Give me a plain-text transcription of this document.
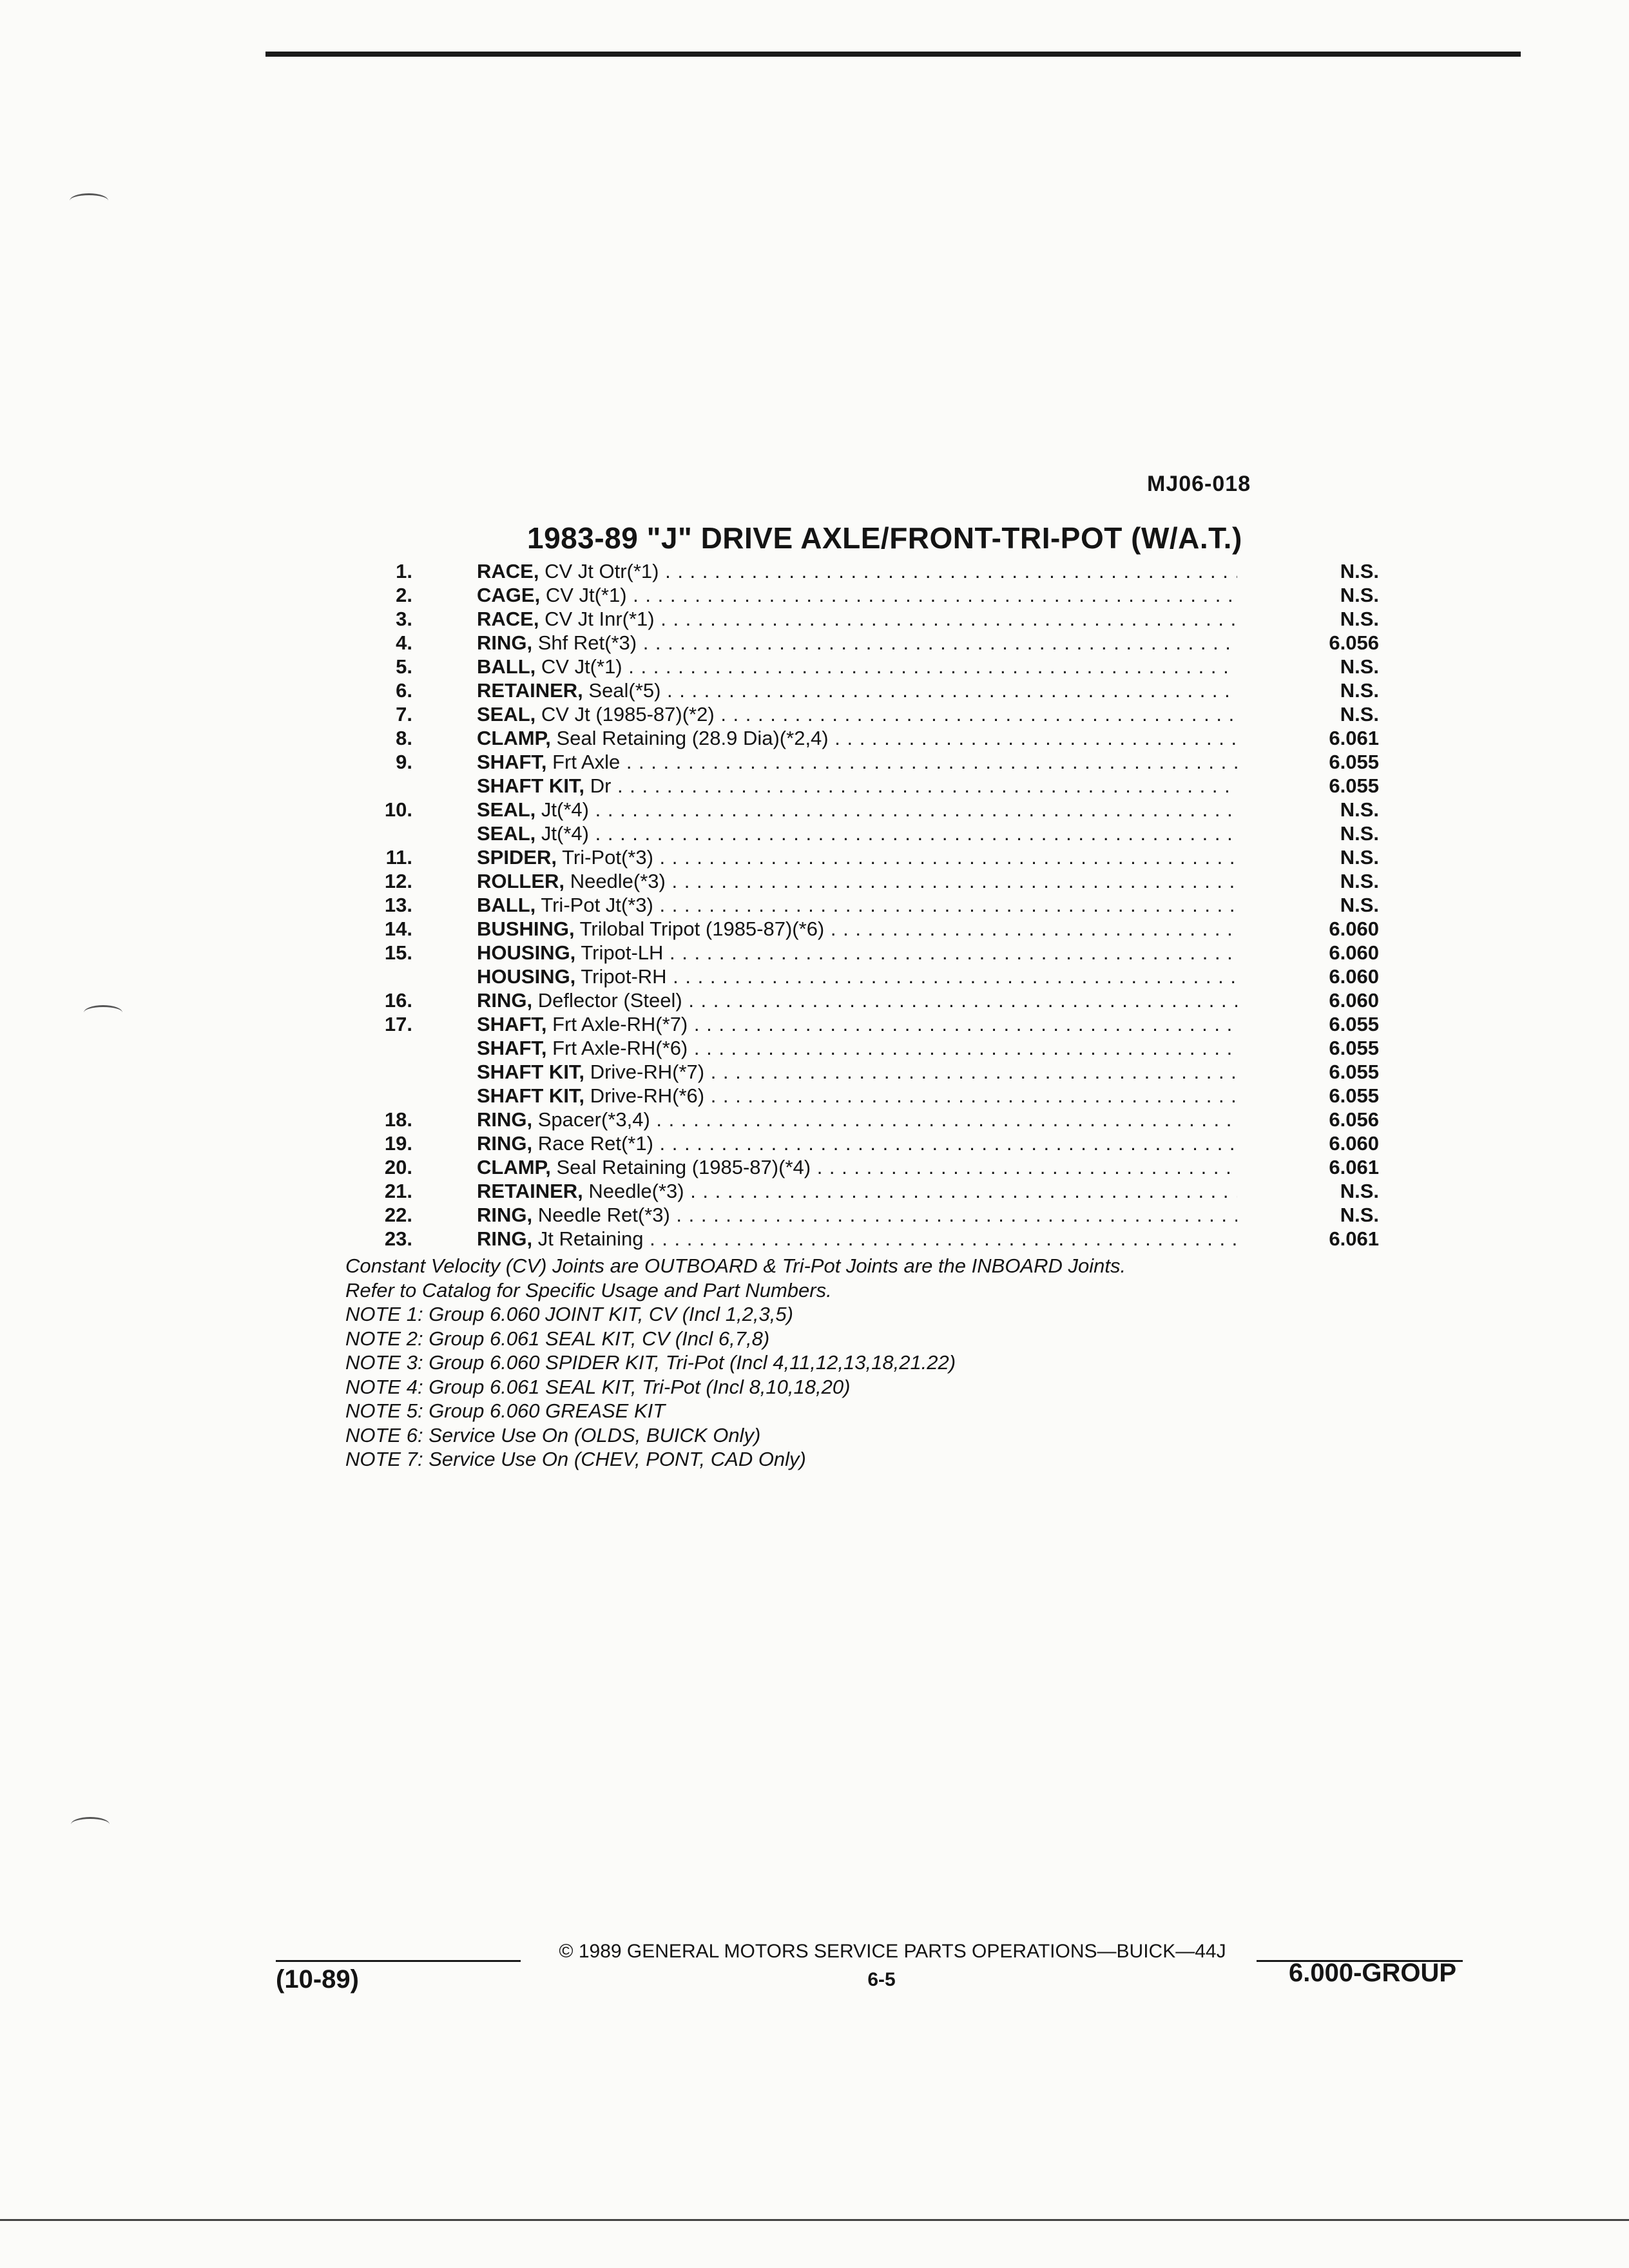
MJ06-018
1983-89 "J" DRIVE AXLE/FRONT-TRI-POT (W/A.T.)
1.	RACE, CV Jt Otr(*1) . . .	N.S.
2.	CAGE, CV Jt(*1) . . .	N.S.
3.	RACE, CV Jt Inr(*1) . . .	N.S.
4.	RING, Shf Ret(*3) . . .	6.056
5.	BALL, CV Jt(*1) . . .	N.S.
6.	RETAINER, Seal(*5) . . .	N.S.
7.	SEAL, CV Jt (1985-87)(*2) . . .	N.S.
8.	CLAMP, Seal Retaining (28.9 Dia)(*2,4) . . .	6.061
9.	SHAFT, Frt Axle . . .	6.055
SHAFT KIT, Dr . . .	6.055
10.	SEAL, Jt(*4) . . .	N.S.
SEAL, Jt(*4) . . .	N.S.
11.	SPIDER, Tri-Pot(*3) . . .	N.S.
12.	ROLLER, Needle(*3) . . .	N.S.
13.	BALL, Tri-Pot Jt(*3) . . .	N.S.
14.	BUSHING, Trilobal Tripot (1985-87)(*6) . . .	6.060
15.	HOUSING, Tripot-LH . . .	6.060
HOUSING, Tripot-RH . . .	6.060
16.	RING, Deflector (Steel) . . .	6.060
17.	SHAFT, Frt Axle-RH(*7) . . .	6.055
SHAFT, Frt Axle-RH(*6) . . .	6.055
SHAFT KIT, Drive-RH(*7) . . .	6.055
SHAFT KIT, Drive-RH(*6) . . .	6.055
18.	RING, Spacer(*3,4) . . .	6.056
19.	RING, Race Ret(*1) . . .	6.060
20.	CLAMP, Seal Retaining (1985-87)(*4) . . .	6.061
21.	RETAINER, Needle(*3) . . .	N.S.
22.	RING, Needle Ret(*3) . . .	N.S.
23.	RING, Jt Retaining . . .	6.061
Constant Velocity (CV) Joints are OUTBOARD & Tri-Pot Joints are the INBOARD Joints.
Refer to Catalog for Specific Usage and Part Numbers.
NOTE 1: Group 6.060 JOINT KIT, CV (Incl 1,2,3,5)
NOTE 2: Group 6.061 SEAL KIT, CV (Incl 6,7,8)
NOTE 3: Group 6.060 SPIDER KIT, Tri-Pot (Incl 4,11,12,13,18,21.22)
NOTE 4: Group 6.061 SEAL KIT, Tri-Pot (Incl 8,10,18,20)
NOTE 5: Group 6.060 GREASE KIT
NOTE 6: Service Use On (OLDS, BUICK Only)
NOTE 7: Service Use On (CHEV, PONT, CAD Only)
(10-89)
© 1989 GENERAL MOTORS SERVICE PARTS OPERATIONS—BUICK—44J
6-5	6.000-GROUP
